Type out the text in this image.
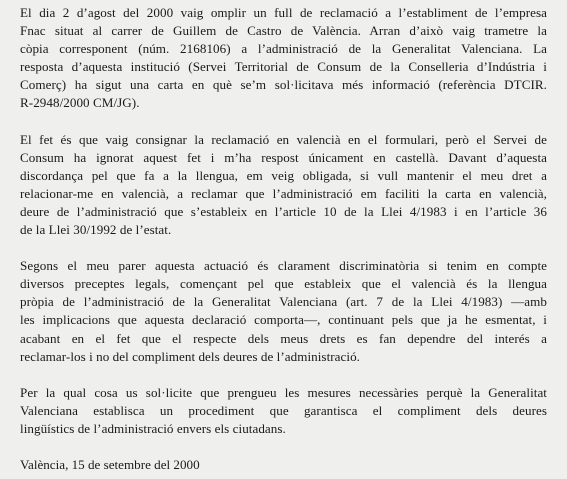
El dia 2 d’agost del 2000 vaig omplir un full de reclamació a l’establiment de l’empresa
Fnac situat al carrer de Guillem de Castro de València. Arran d’això vaig trametre la
còpia corresponent (núm. 2168106) a l’administració de la Generalitat Valenciana. La
resposta d’aquesta institució (Servei Territorial de Consum de la Conselleria d’Indústria i
Comerç) ha sigut una carta en què se’m sol·licitava més informació (referència DTCIR.
R-2948/2000 CM/JG).

El fet és que vaig consignar la reclamació en valencià en el formulari, però el Servei de
Consum ha ignorat aquest fet i m’ha respost únicament en castellà. Davant d’aquesta
discordança pel que fa a la llengua, em veig obligada, si vull mantenir el meu dret a
relacionar-me en valencià, a reclamar que l’administració em faciliti la carta en valencià,
deure de l’administració que s’estableix en l’article 10 de la Llei 4/1983 i en l’article 36
de la Llei 30/1992 de l’estat.

Segons el meu parer aquesta actuació és clarament discriminatòria si tenim en compte
diversos preceptes legals, començant pel que estableix que el valencià és la llengua
pròpia de l’administració de la Generalitat Valenciana (art. 7 de la Llei 4/1983) —amb
les implicacions que aquesta declaració comporta—, continuant pels que ja he esmentat, i
acabant en el fet que el respecte dels meus drets es fan dependre del interés a
reclamar-los i no del compliment dels deures de l’administració.

Per la qual cosa us sol·licite que prengueu les mesures necessàries perquè la Generalitat
Valenciana establisca un procediment que garantisca el compliment dels deures
lingüístics de l’administració envers els ciutadans.

València, 15 de setembre del 2000
